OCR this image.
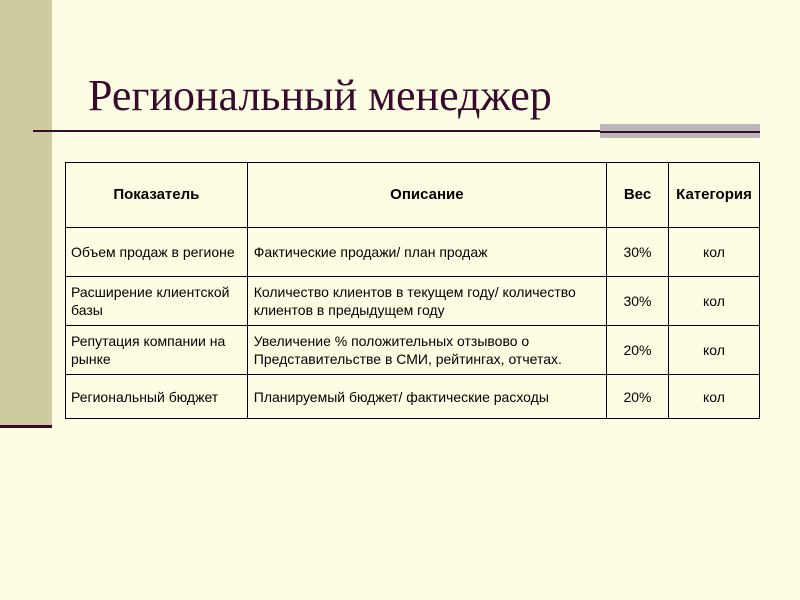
Региональный менеджер
Показатель	Описание	Вес	Категория
Объем продаж в регионе	Фактические продажи/ план продаж	30%	кол
Расширение клиентской базы	Количество клиентов в текущем году/ количество клиентов в предыдущем году	30%	кол
Репутация компании на рынке	Увеличение % положительных отзывово о Представительстве в СМИ, рейтингах, отчетах.	20%	кол
Региональный бюджет	Планируемый бюджет/ фактические расходы	20%	кол
